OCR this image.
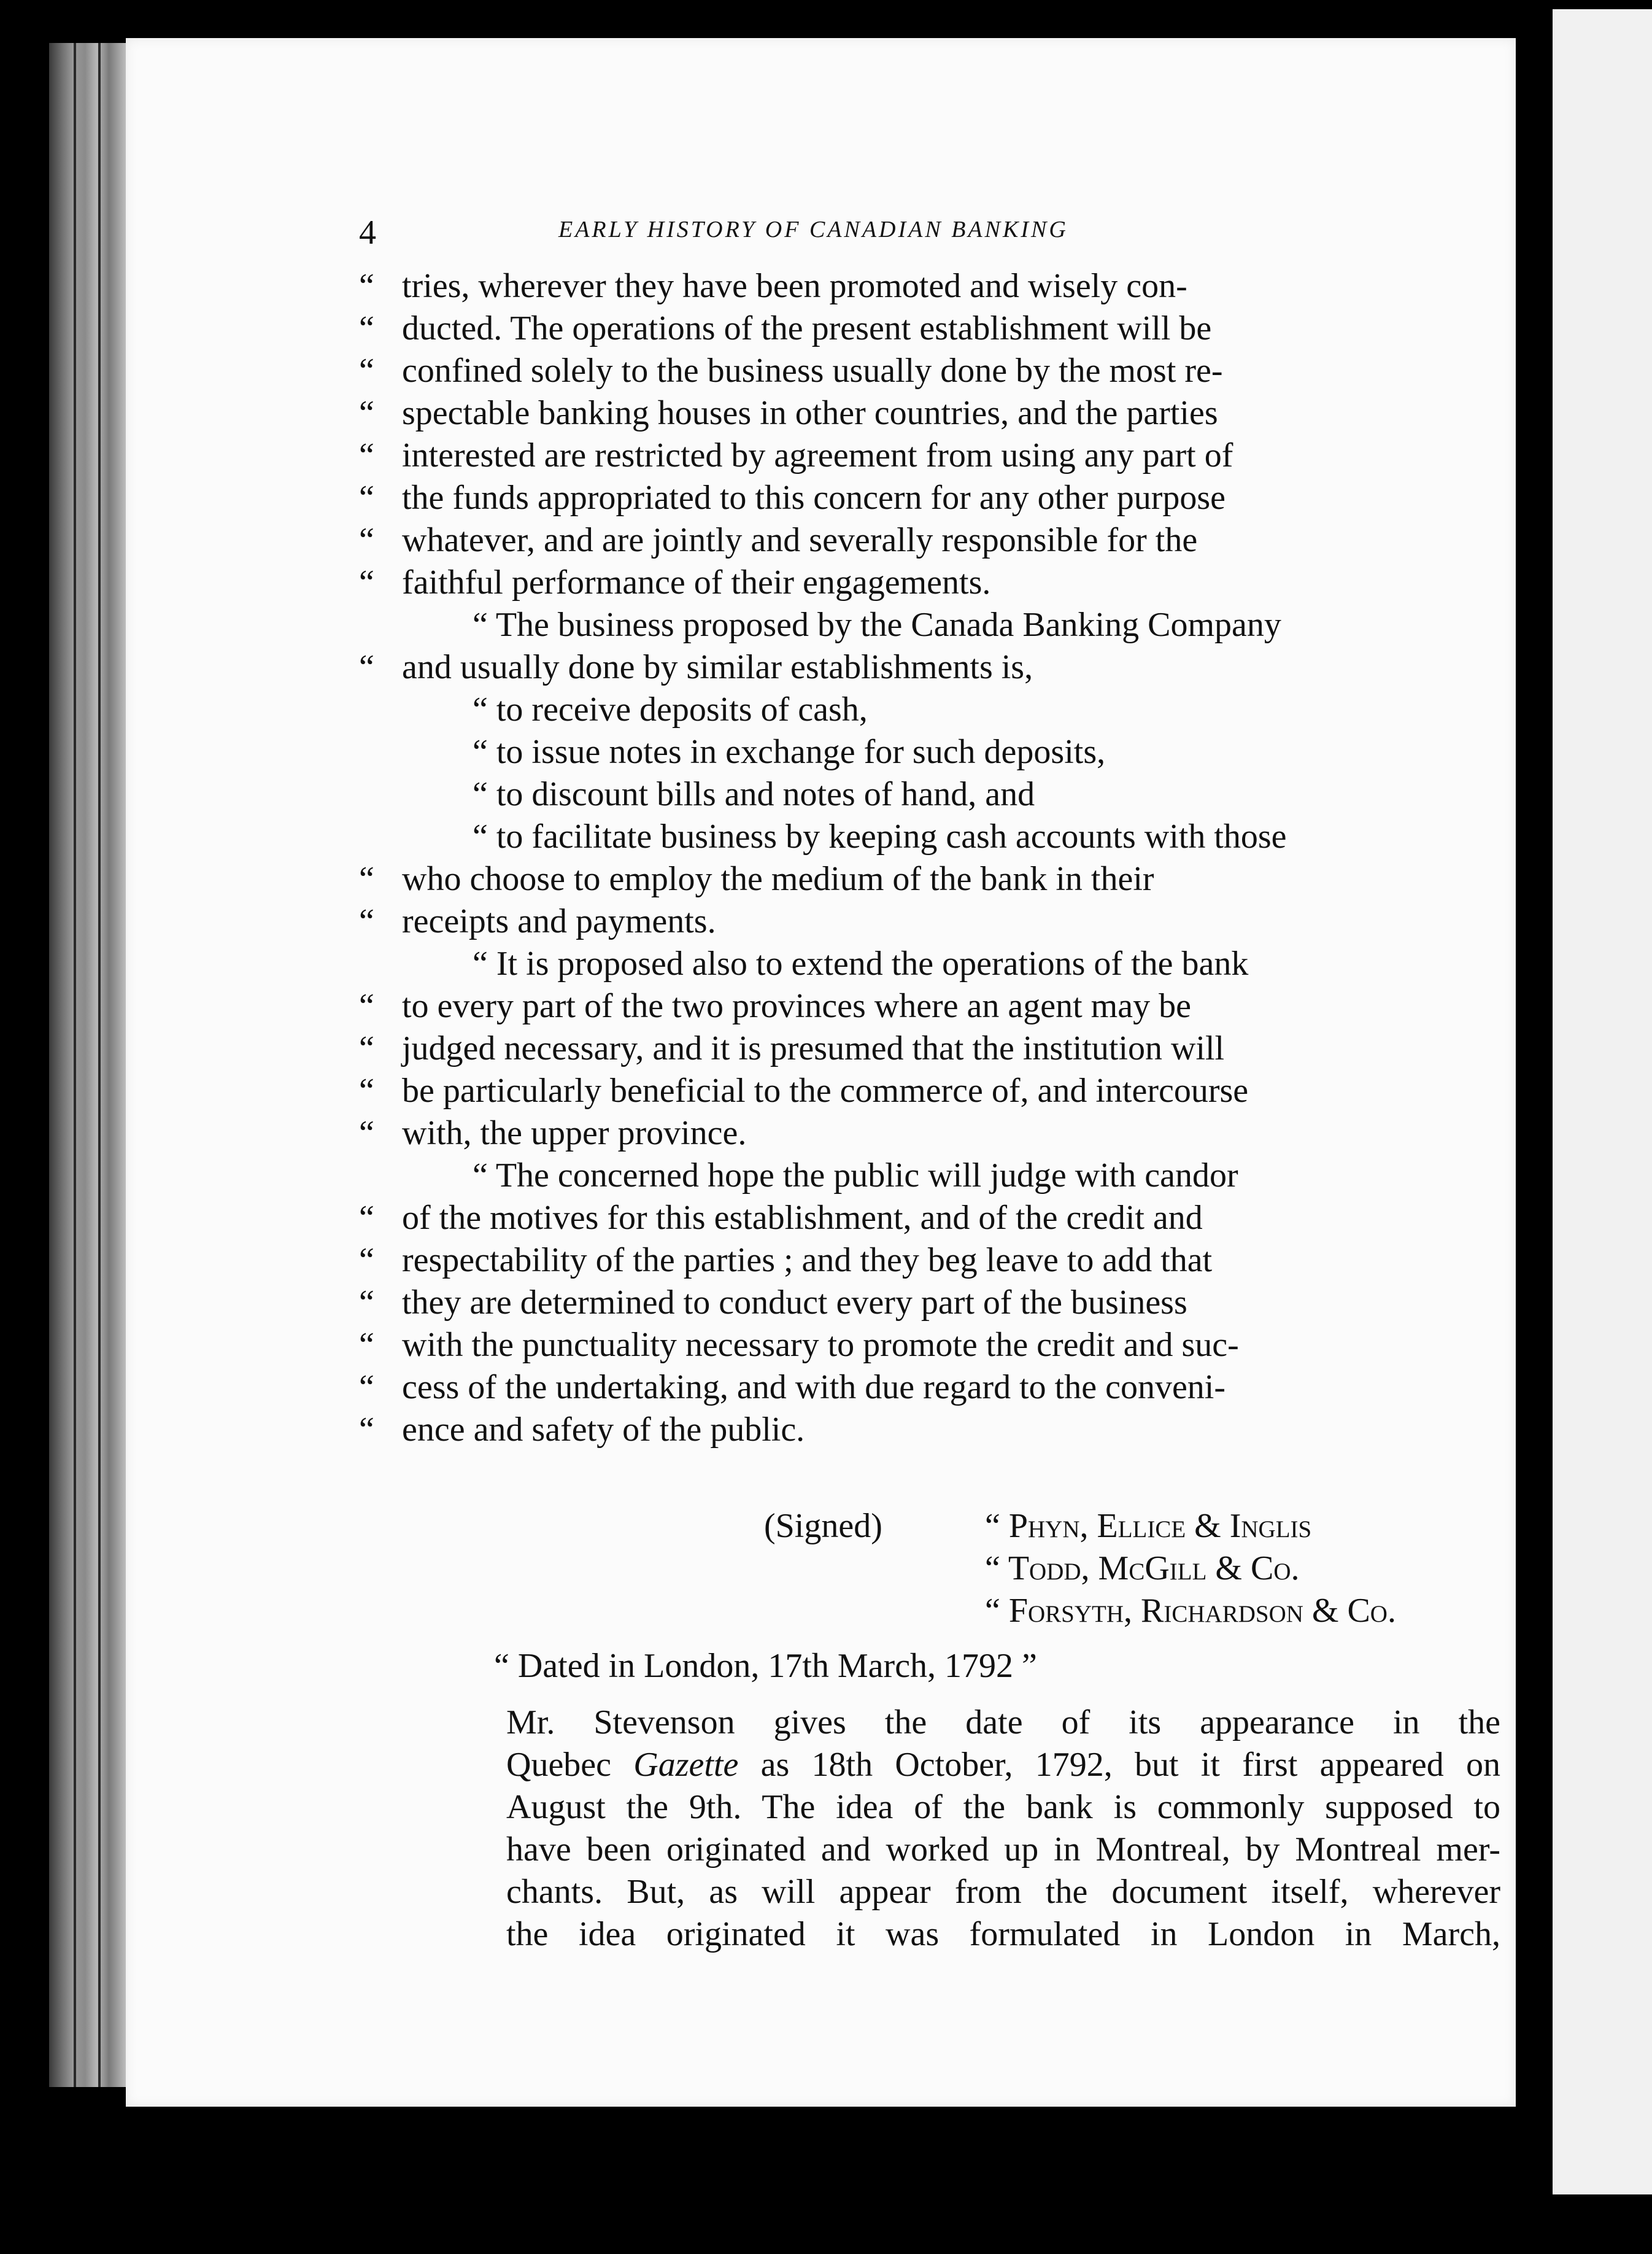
4	EARLY HISTORY OF CANADIAN BANKING
“ tries, wherever they have been promoted and wisely con-
“ ducted. The operations of the present establishment will be
“ confined solely to the business usually done by the most re-
“ spectable banking houses in other countries, and the parties
“ interested are restricted by agreement from using any part of
“ the funds appropriated to this concern for any other purpose
“ whatever, and are jointly and severally responsible for the
“ faithful performance of their engagements.
“ The business proposed by the Canada Banking Company
“ and usually done by similar establishments is,
“ to receive deposits of cash,
“ to issue notes in exchange for such deposits,
“ to discount bills and notes of hand, and
“ to facilitate business by keeping cash accounts with those
“ who choose to employ the medium of the bank in their
“ receipts and payments.
“ It is proposed also to extend the operations of the bank
“ to every part of the two provinces where an agent may be
“ judged necessary, and it is presumed that the institution will
“ be particularly beneficial to the commerce of, and intercourse
“ with, the upper province.
“ The concerned hope the public will judge with candor
“ of the motives for this establishment, and of the credit and
“ respectability of the parties ; and they beg leave to add that
“ they are determined to conduct every part of the business
“ with the punctuality necessary to promote the credit and suc-
“ cess of the undertaking, and with due regard to the conveni-
“ ence and safety of the public.
(Signed)	“ Phyn, Ellice & Inglis
“ Todd, McGill & Co.
“ Forsyth, Richardson & Co.
“ Dated in London, 17th March, 1792 ”
Mr. Stevenson gives the date of its appearance in the
Quebec Gazette as 18th October, 1792, but it first appeared on
August the 9th. The idea of the bank is commonly supposed to
have been originated and worked up in Montreal, by Montreal mer-
chants. But, as will appear from the document itself, wherever
the idea originated it was formulated in London in March,
